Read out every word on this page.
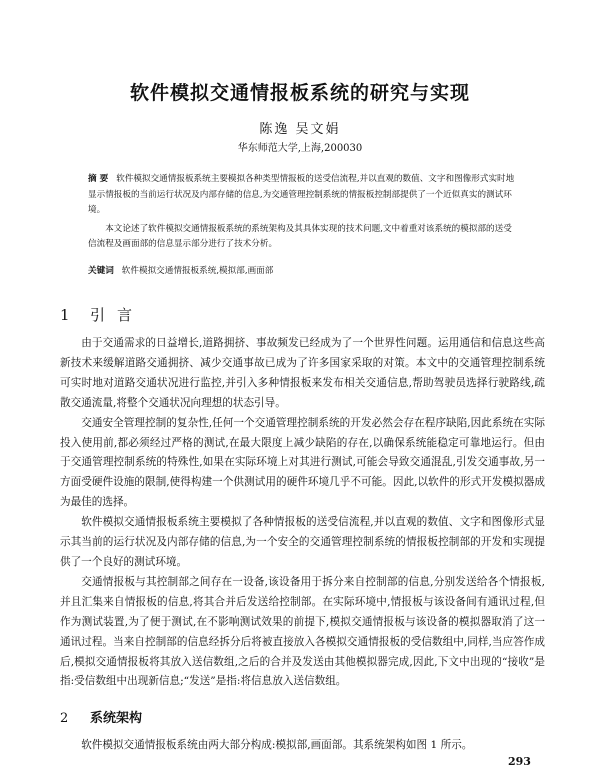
软件模拟交通情报板系统的研究与实现
陈逸 吴文娟
华东师范大学,上海,200030

摘 要 软件模拟交通情报板系统主要模拟各种类型情报板的送受信流程,并以直观的数值、文字和图像形式实时地显示情报板的当前运行状况及内部存储的信息,为交通管理控制系统的情报板控制部提供了一个近似真实的测试环境。

本文论述了软件模拟交通情报板系统的系统架构及其具体实现的技术问题,文中着重对该系统的模拟部的送受信流程及画面部的信息显示部分进行了技术分析。

关键词 软件模拟交通情报板系统,模拟部,画面部
1 引言

由于交通需求的日益增长,道路拥挤、事故频发已经成为了一个世界性问题。运用通信和信息这些高新技术来缓解道路交通拥挤、减少交通事故已成为了许多国家采取的对策。本文中的交通管理控制系统可实时地对道路交通状况进行监控,并引入多种情报板来发布相关交通信息,帮助驾驶员选择行驶路线,疏散交通流量,将整个交通状况向理想的状态引导。

交通安全管理控制的复杂性,任何一个交通管理控制系统的开发必然会存在程序缺陷,因此系统在实际投入使用前,都必须经过严格的测试,在最大限度上减少缺陷的存在,以确保系统能稳定可靠地运行。但由于交通管理控制系统的特殊性,如果在实际环境上对其进行测试,可能会导致交通混乱,引发交通事故,另一方面受硬件设施的限制,使得构建一个供测试用的硬件环境几乎不可能。因此,以软件的形式开发模拟器成为最佳的选择。

软件模拟交通情报板系统主要模拟了各种情报板的送受信流程,并以直观的数值、文字和图像形式显示其当前的运行状况及内部存储的信息,为一个安全的交通管理控制系统的情报板控制部的开发和实现提供了一个良好的测试环境。

交通情报板与其控制部之间存在一设备,该设备用于拆分来自控制部的信息,分别发送给各个情报板,并且汇集来自情报板的信息,将其合并后发送给控制部。在实际环境中,情报板与该设备间有通讯过程,但作为测试装置,为了便于测试,在不影响测试效果的前提下,模拟交通情报板与该设备的模拟器取消了这一通讯过程。当来自控制部的信息经拆分后将被直接放入各模拟交通情报板的受信数组中,同样,当应答作成后,模拟交通情报板将其放入送信数组,之后的合并及发送由其他模拟器完成,因此,下文中出现的“接收”是指:受信数组中出现新信息;“发送”是指:将信息放入送信数组。

2 系统架构
软件模拟交通情报板系统由两大部分构成:模拟部,画面部。其系统架构如图 1 所示。
293
